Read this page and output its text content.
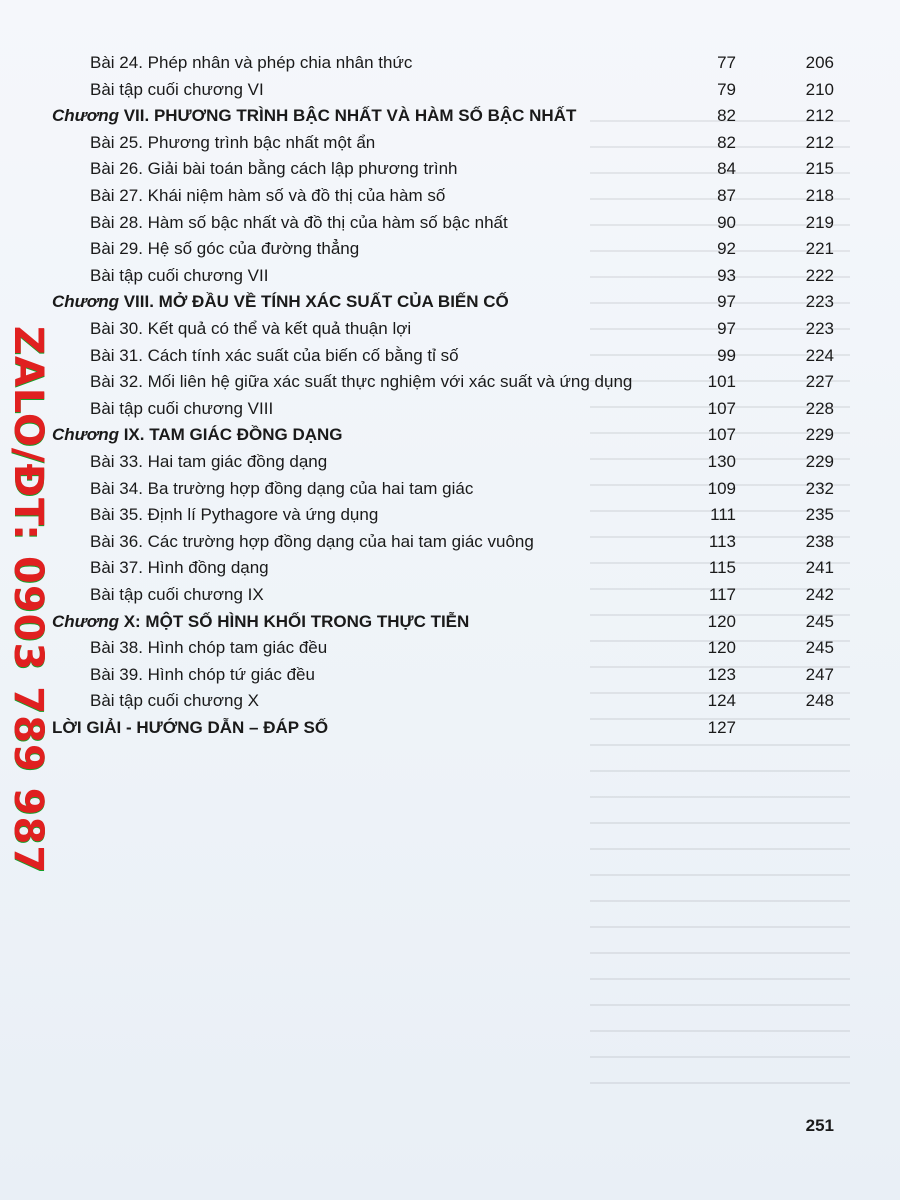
Bài 24. Phép nhân và phép chia nhân thức	77	206
Bài tập cuối chương VI	79	210
Chương VII. PHƯƠNG TRÌNH BẬC NHẤT VÀ HÀM SỐ BẬC NHẤT	82	212
Bài 25. Phương trình bậc nhất một ẩn	82	212
Bài 26. Giải bài toán bằng cách lập phương trình	84	215
Bài 27. Khái niệm hàm số và đồ thị của hàm số	87	218
Bài 28. Hàm số bậc nhất và đồ thị của hàm số bậc nhất	90	219
Bài 29. Hệ số góc của đường thẳng	92	221
Bài tập cuối chương VII	93	222
Chương VIII. MỞ ĐẦU VỀ TÍNH XÁC SUẤT CỦA BIẾN CỐ	97	223
Bài 30. Kết quả có thể và kết quả thuận lợi	97	223
Bài 31. Cách tính xác suất của biến cố bằng tỉ số	99	224
Bài 32. Mối liên hệ giữa xác suất thực nghiệm với xác suất và ứng dụng	101	227
Bài tập cuối chương VIII	107	228
Chương IX. TAM GIÁC ĐỒNG DẠNG	107	229
Bài 33. Hai tam giác đồng dạng	130	229
Bài 34. Ba trường hợp đồng dạng của hai tam giác	109	232
Bài 35. Định lí Pythagore và ứng dụng	111	235
Bài 36. Các trường hợp đồng dạng của hai tam giác vuông	113	238
Bài 37. Hình đồng dạng	115	241
Bài tập cuối chương IX	117	242
Chương X: MỘT SỐ HÌNH KHỐI TRONG THỰC TIỄN	120	245
Bài 38. Hình chóp tam giác đều	120	245
Bài 39. Hình chóp tứ giác đều	123	247
Bài tập cuối chương X	124	248
LỜI GIẢI - HƯỚNG DẪN – ĐÁP SỐ	127
ZALO/ĐT: 0903 789 987
251
